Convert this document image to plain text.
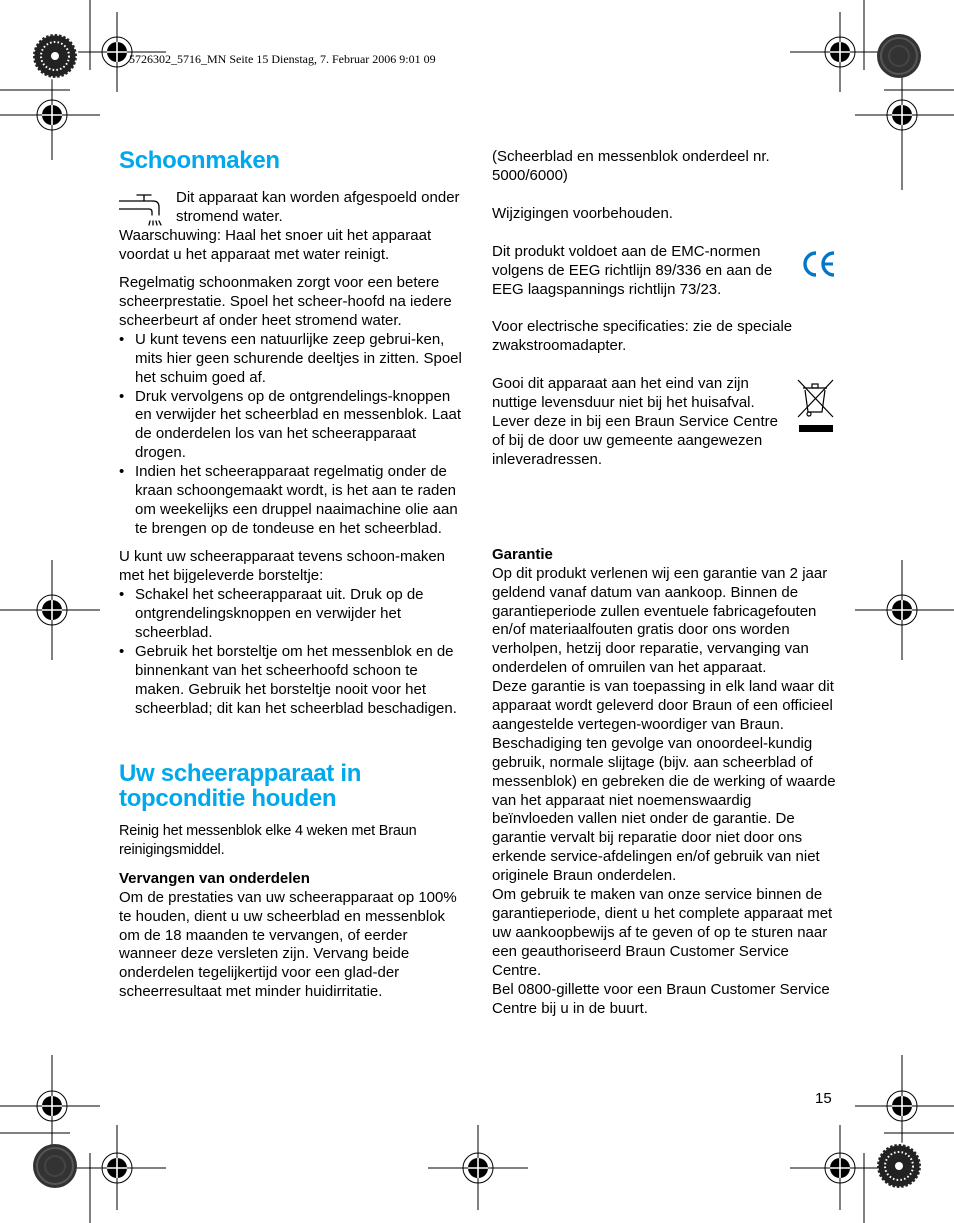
5726302_5716_MN Seite 15 Dienstag, 7. Februar 2006 9:01 09
Schoonmaken
Dit apparaat kan worden afgespoeld onder stromend water.

Waarschuwing: Haal het snoer uit het apparaat voordat u het apparaat met water reinigt.

Regelmatig schoonmaken zorgt voor een betere scheerprestatie. Spoel het scheer-hoofd na iedere scheerbeurt af onder heet stromend water.

• U kunt tevens een natuurlijke zeep gebrui-ken, mits hier geen schurende deeltjes in zitten. Spoel het schuim goed af.
• Druk vervolgens op de ontgrendelings-knoppen en verwijder het scheerblad en messenblok. Laat de onderdelen los van het scheerapparaat drogen.
• Indien het scheerapparaat regelmatig onder de kraan schoongemaakt wordt, is het aan te raden om weekelijks een druppel naaimachine olie aan te brengen op de tondeuse en het scheerblad.

U kunt uw scheerapparaat tevens schoon-maken met het bijgeleverde borsteltje:

• Schakel het scheerapparaat uit. Druk op de ontgrendelingsknoppen en verwijder het scheerblad.
• Gebruik het borsteltje om het messenblok en de binnenkant van het scheerhoofd schoon te maken. Gebruik het borsteltje nooit voor het scheerblad; dit kan het scheerblad beschadigen.
Uw scheerapparaat in topconditie houden

Reinig het messenblok elke 4 weken met Braun reinigingsmiddel.

Vervangen van onderdelen

Om de prestaties van uw scheerapparaat op 100% te houden, dient u uw scheerblad en messenblok om de 18 maanden te vervangen, of eerder wanneer deze versleten zijn. Vervang beide onderdelen tegelijkertijd voor een glad-der scheerresultaat met minder huidirritatie.

(Scheerblad en messenblok onderdeel nr. 5000/6000)

Wijzigingen voorbehouden.

Dit produkt voldoet aan de EMC-normen volgens de EEG richtlijn 89/336 en aan de EEG laagspannings richtlijn 73/23.

Voor electrische specificaties: zie de speciale zwakstroomadapter.

Gooi dit apparaat aan het eind van zijn nuttige levensduur niet bij het huisafval. Lever deze in bij een Braun Service Centre of bij de door uw gemeente aangewezen inleveradressen.

Garantie

Op dit produkt verlenen wij een garantie van 2 jaar geldend vanaf datum van aankoop. Binnen de garantieperiode zullen eventuele fabricagefouten en/of materiaalfouten gratis door ons worden verholpen, hetzij door reparatie, vervanging van onderdelen of omruilen van het apparaat.

Deze garantie is van toepassing in elk land waar dit apparaat wordt geleverd door Braun of een officieel aangestelde vertegen-woordiger van Braun.

Beschadiging ten gevolge van onoordeel-kundig gebruik, normale slijtage (bijv. aan scheerblad of messenblok) en gebreken die de werking of waarde van het apparaat niet noemenswaardig beïnvloeden vallen niet onder de garantie. De garantie vervalt bij reparatie door niet door ons erkende service-afdelingen en/of gebruik van niet originele Braun onderdelen.

Om gebruik te maken van onze service binnen de garantieperiode, dient u het complete apparaat met uw aankoopbewijs af te geven of op te sturen naar een geauthoriseerd Braun Customer Service Centre.

Bel 0800-gillette voor een Braun Customer Service Centre bij u in de buurt.

15
